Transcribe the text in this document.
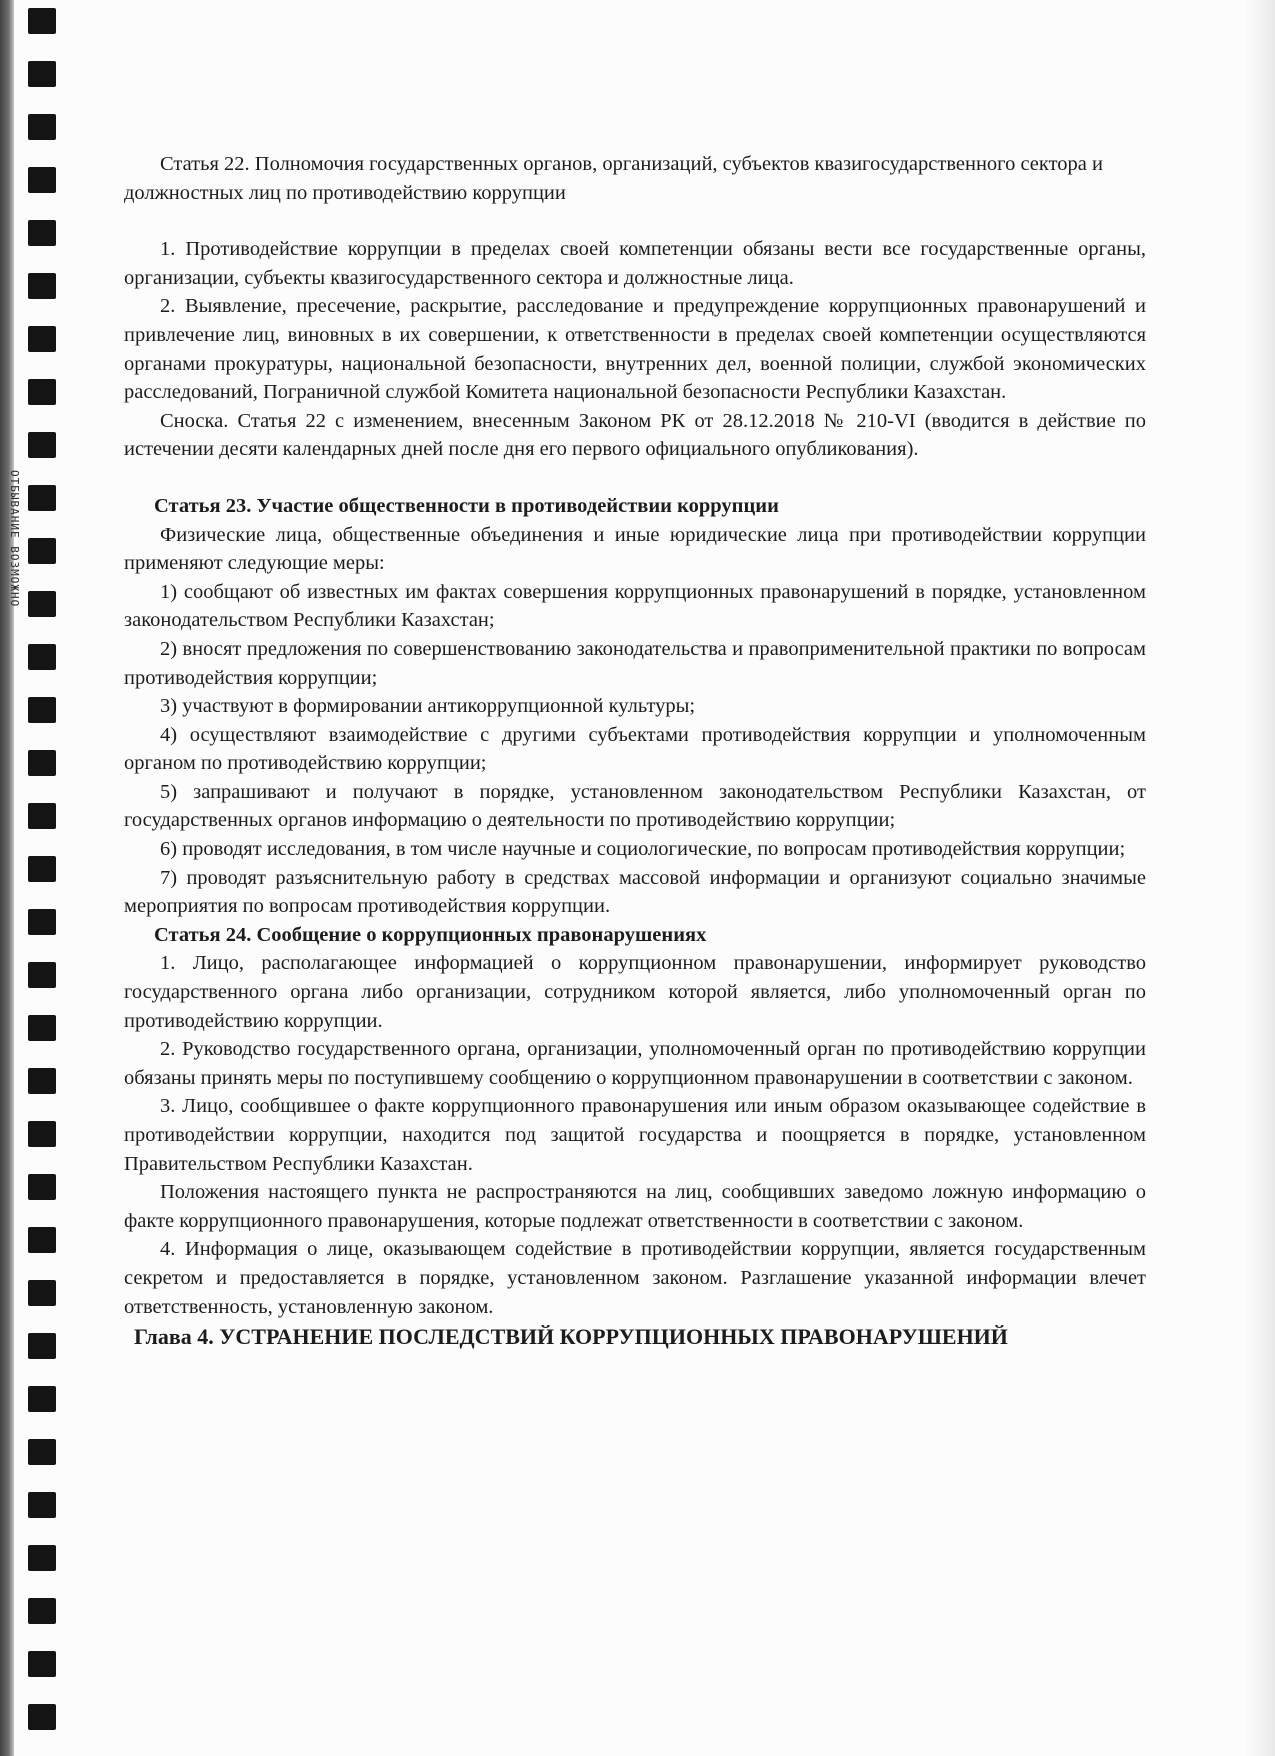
ОТБЫВАНИЕ ВОЗМОЖНО

Статья 22. Полномочия государственных органов, организаций, субъектов квазигосударственного сектора и должностных лиц по противодействию коррупции

1. Противодействие коррупции в пределах своей компетенции обязаны вести все государственные органы, организации, субъекты квазигосударственного сектора и должностные лица.

2. Выявление, пресечение, раскрытие, расследование и предупреждение коррупционных правонарушений и привлечение лиц, виновных в их совершении, к ответственности в пределах своей компетенции осуществляются органами прокуратуры, национальной безопасности, внутренних дел, военной полиции, службой экономических расследований, Пограничной службой Комитета национальной безопасности Республики Казахстан.

Сноска. Статья 22 с изменением, внесенным Законом РК от 28.12.2018 № 210-VI (вводится в действие по истечении десяти календарных дней после дня его первого официального опубликования).

Статья 23. Участие общественности в противодействии коррупции

Физические лица, общественные объединения и иные юридические лица при противодействии коррупции применяют следующие меры:

1) сообщают об известных им фактах совершения коррупционных правонарушений в порядке, установленном законодательством Республики Казахстан;

2) вносят предложения по совершенствованию законодательства и правоприменительной практики по вопросам противодействия коррупции;

3) участвуют в формировании антикоррупционной культуры;

4) осуществляют взаимодействие с другими субъектами противодействия коррупции и уполномоченным органом по противодействию коррупции;

5) запрашивают и получают в порядке, установленном законодательством Республики Казахстан, от государственных органов информацию о деятельности по противодействию коррупции;

6) проводят исследования, в том числе научные и социологические, по вопросам противодействия коррупции;

7) проводят разъяснительную работу в средствах массовой информации и организуют социально значимые мероприятия по вопросам противодействия коррупции.

Статья 24. Сообщение о коррупционных правонарушениях

1. Лицо, располагающее информацией о коррупционном правонарушении, информирует руководство государственного органа либо организации, сотрудником которой является, либо уполномоченный орган по противодействию коррупции.

2. Руководство государственного органа, организации, уполномоченный орган по противодействию коррупции обязаны принять меры по поступившему сообщению о коррупционном правонарушении в соответствии с законом.

3. Лицо, сообщившее о факте коррупционного правонарушения или иным образом оказывающее содействие в противодействии коррупции, находится под защитой государства и поощряется в порядке, установленном Правительством Республики Казахстан.

Положения настоящего пункта не распространяются на лиц, сообщивших заведомо ложную информацию о факте коррупционного правонарушения, которые подлежат ответственности в соответствии с законом.

4. Информация о лице, оказывающем содействие в противодействии коррупции, является государственным секретом и предоставляется в порядке, установленном законом. Разглашение указанной информации влечет ответственность, установленную законом.

Глава 4. УСТРАНЕНИЕ ПОСЛЕДСТВИЙ КОРРУПЦИОННЫХ ПРАВОНАРУШЕНИЙ
